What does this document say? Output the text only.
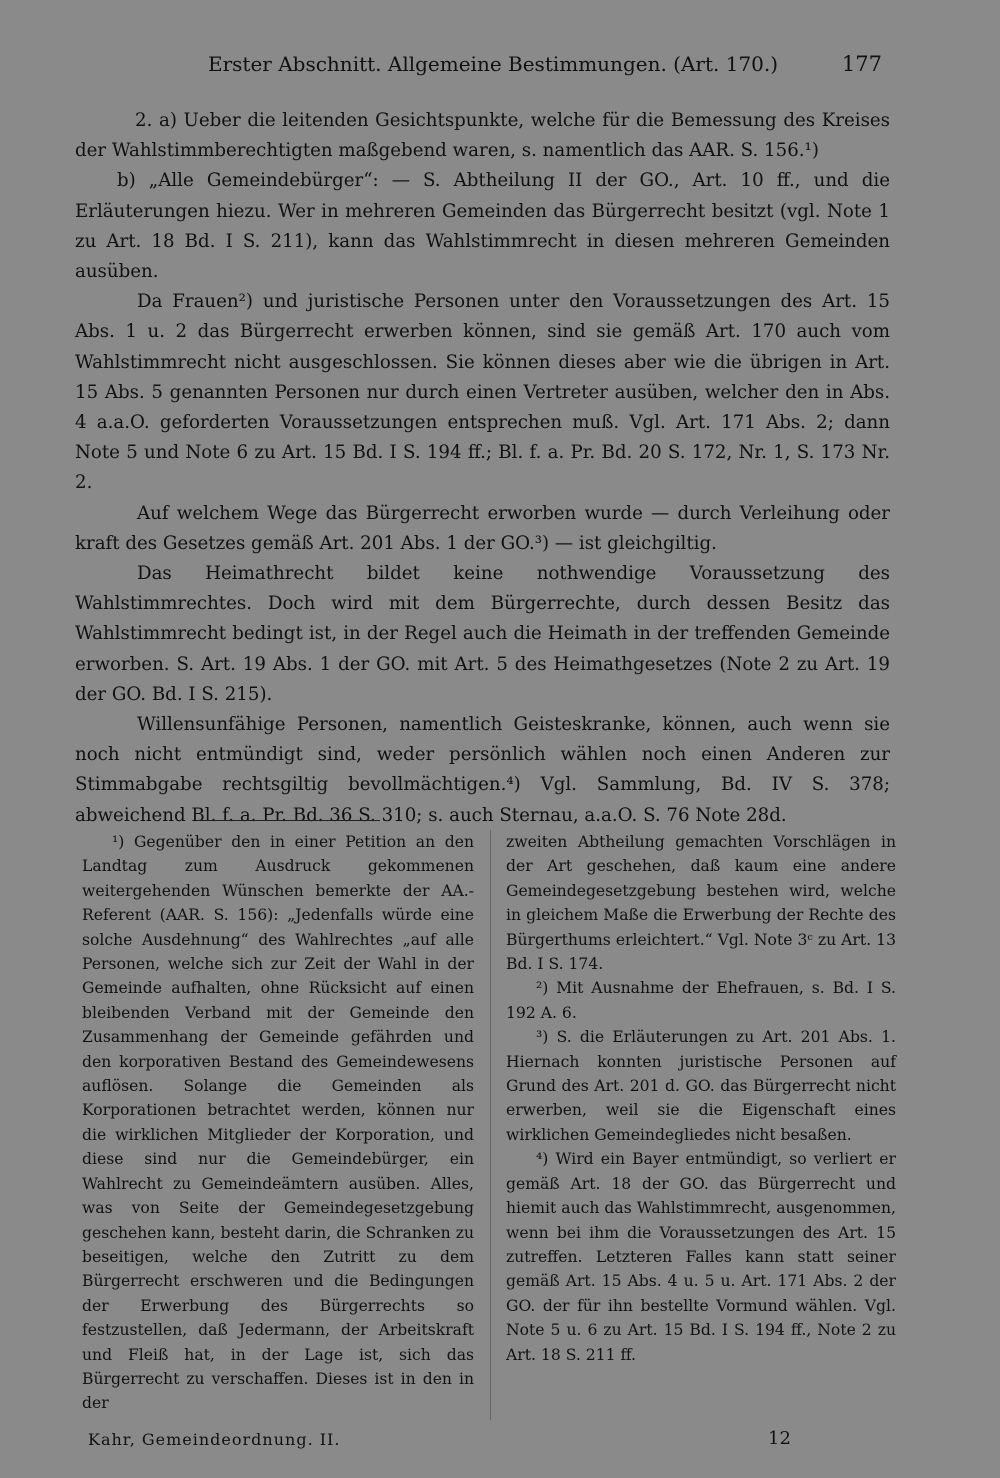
Erster Abschnitt. Allgemeine Bestimmungen. (Art. 170.)	177

2. a) Ueber die leitenden Gesichtspunkte, welche für die Bemessung des Kreises der Wahlstimmberechtigten maßgebend waren, s. namentlich das AAR. S. 156.¹)

b) „Alle Gemeindebürger“: — S. Abtheilung II der GO., Art. 10 ff., und die Erläuterungen hiezu. Wer in mehreren Gemeinden das Bürgerrecht besitzt (vgl. Note 1 zu Art. 18 Bd. I S. 211), kann das Wahlstimmrecht in diesen mehreren Gemeinden ausüben.

Da Frauen²) und juristische Personen unter den Voraussetzungen des Art. 15 Abs. 1 u. 2 das Bürgerrecht erwerben können, sind sie gemäß Art. 170 auch vom Wahlstimmrecht nicht ausgeschlossen. Sie können dieses aber wie die übrigen in Art. 15 Abs. 5 genannten Personen nur durch einen Vertreter ausüben, welcher den in Abs. 4 a.a.O. geforderten Voraussetzungen entsprechen muß. Vgl. Art. 171 Abs. 2; dann Note 5 und Note 6 zu Art. 15 Bd. I S. 194 ff.; Bl. f. a. Pr. Bd. 20 S. 172, Nr. 1, S. 173 Nr. 2.

Auf welchem Wege das Bürgerrecht erworben wurde — durch Verleihung oder kraft des Gesetzes gemäß Art. 201 Abs. 1 der GO.³) — ist gleichgiltig.

Das Heimathrecht bildet keine nothwendige Voraussetzung des Wahlstimmrechtes. Doch wird mit dem Bürgerrechte, durch dessen Besitz das Wahlstimmrecht bedingt ist, in der Regel auch die Heimath in der treffenden Gemeinde erworben. S. Art. 19 Abs. 1 der GO. mit Art. 5 des Heimathgesetzes (Note 2 zu Art. 19 der GO. Bd. I S. 215).

Willensunfähige Personen, namentlich Geisteskranke, können, auch wenn sie noch nicht entmündigt sind, weder persönlich wählen noch einen Anderen zur Stimmabgabe rechtsgiltig bevollmächtigen.⁴) Vgl. Sammlung, Bd. IV S. 378; abweichend Bl. f. a. Pr. Bd. 36 S. 310; s. auch Sternau, a.a.O. S. 76 Note 28d.

¹) Gegenüber den in einer Petition an den Landtag zum Ausdruck gekommenen weitergehenden Wünschen bemerkte der AA.-Referent (AAR. S. 156): „Jedenfalls würde eine solche Ausdehnung“ des Wahlrechtes „auf alle Personen, welche sich zur Zeit der Wahl in der Gemeinde aufhalten, ohne Rücksicht auf einen bleibenden Verband mit der Gemeinde den Zusammenhang der Gemeinde gefährden und den korporativen Bestand des Gemeindewesens auflösen. Solange die Gemeinden als Korporationen betrachtet werden, können nur die wirklichen Mitglieder der Korporation, und diese sind nur die Gemeindebürger, ein Wahlrecht zu Gemeindeämtern ausüben. Alles, was von Seite der Gemeindegesetzgebung geschehen kann, besteht darin, die Schranken zu beseitigen, welche den Zutritt zu dem Bürgerrecht erschweren und die Bedingungen der Erwerbung des Bürgerrechts so festzustellen, daß Jedermann, der Arbeitskraft und Fleiß hat, in der Lage ist, sich das Bürgerrecht zu verschaffen. Dieses ist in den in der

zweiten Abtheilung gemachten Vorschlägen in der Art geschehen, daß kaum eine andere Gemeindegesetzgebung bestehen wird, welche in gleichem Maße die Erwerbung der Rechte des Bürgerthums erleichtert.“ Vgl. Note 3ᶜ zu Art. 13 Bd. I S. 174.

²) Mit Ausnahme der Ehefrauen, s. Bd. I S. 192 A. 6.

³) S. die Erläuterungen zu Art. 201 Abs. 1. Hiernach konnten juristische Personen auf Grund des Art. 201 d. GO. das Bürgerrecht nicht erwerben, weil sie die Eigenschaft eines wirklichen Gemeindegliedes nicht besaßen.

⁴) Wird ein Bayer entmündigt, so verliert er gemäß Art. 18 der GO. das Bürgerrecht und hiemit auch das Wahlstimmrecht, ausgenommen, wenn bei ihm die Voraussetzungen des Art. 15 zutreffen. Letzteren Falles kann statt seiner gemäß Art. 15 Abs. 4 u. 5 u. Art. 171 Abs. 2 der GO. der für ihn bestellte Vormund wählen. Vgl. Note 5 u. 6 zu Art. 15 Bd. I S. 194 ff., Note 2 zu Art. 18 S. 211 ff.

Kahr, Gemeindeordnung. II.	12
